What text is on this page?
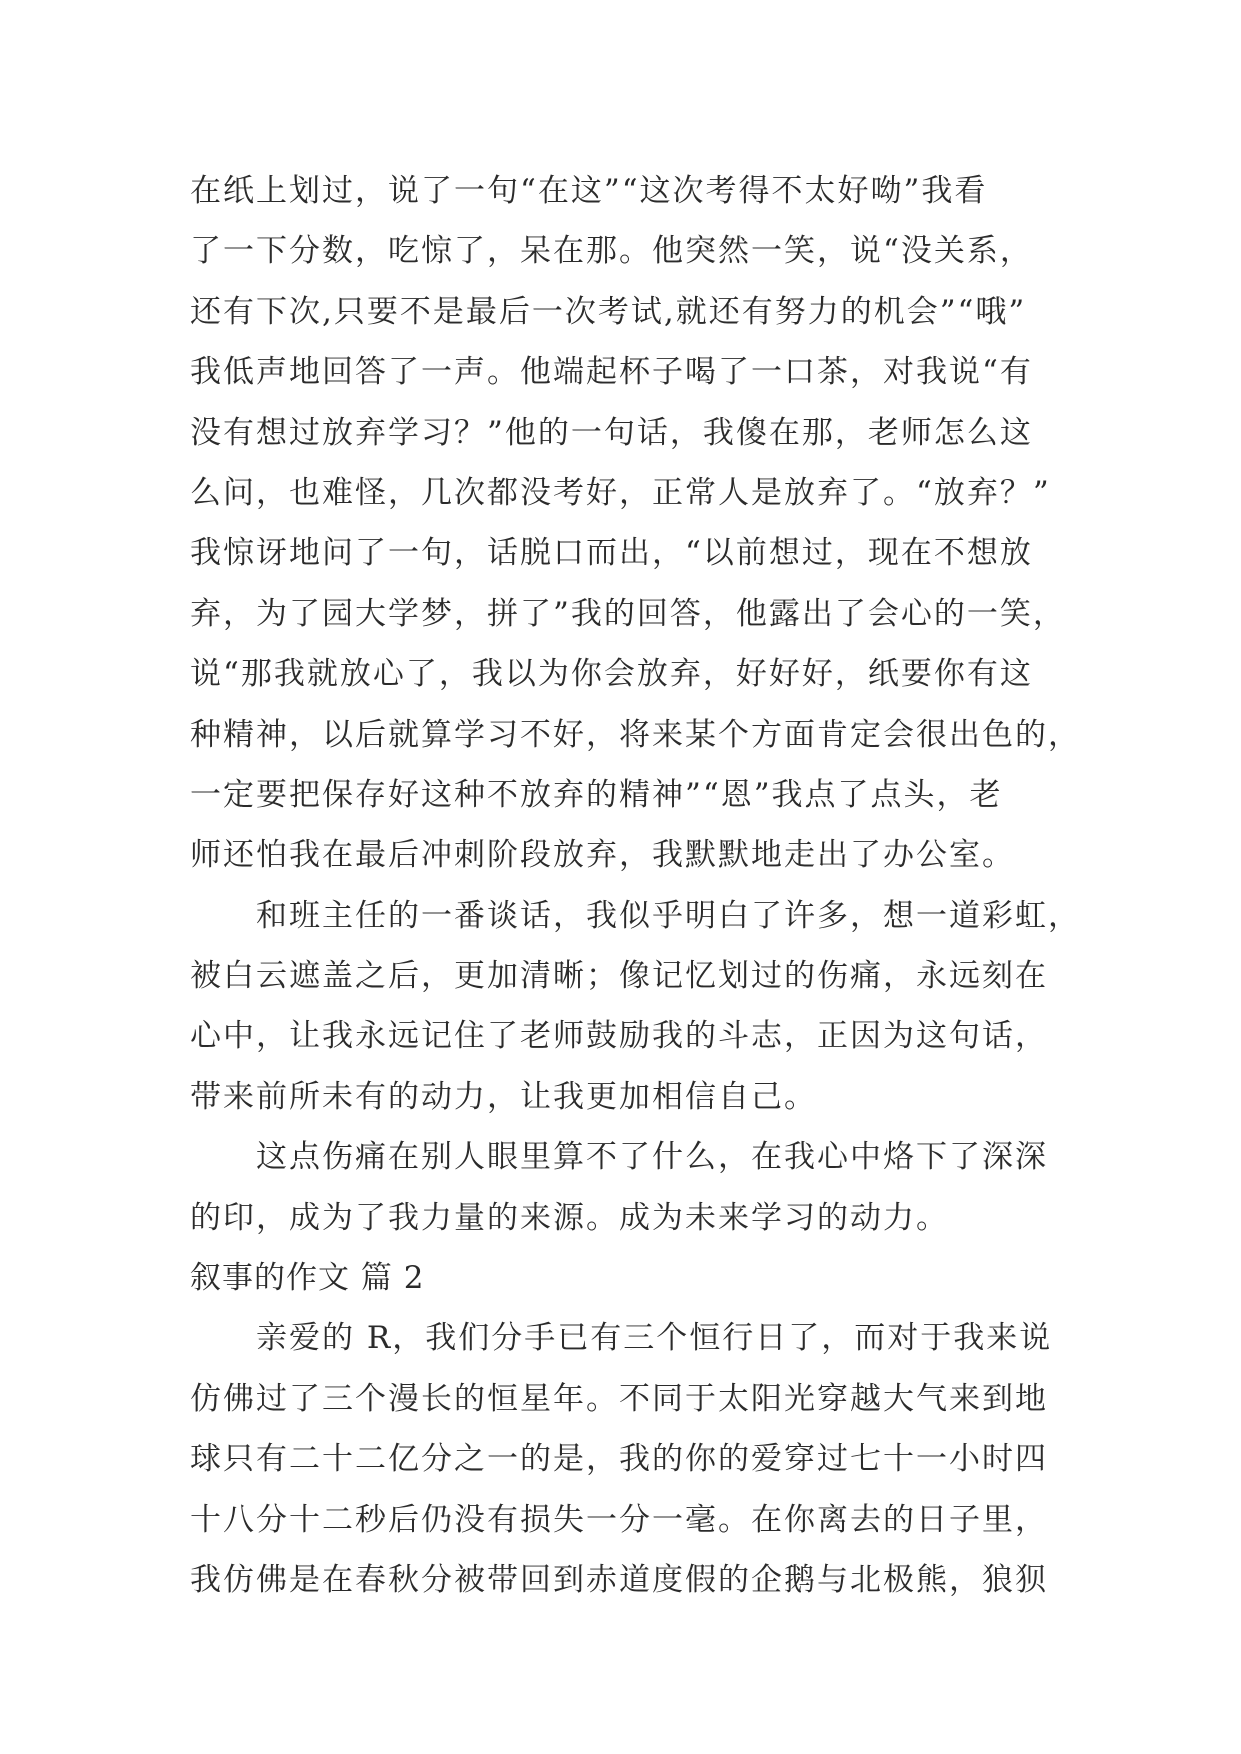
在纸上划过，说了一句“在这”“这次考得不太好呦”我看
了一下分数，吃惊了，呆在那。他突然一笑，说“没关系，
还有下次,只要不是最后一次考试,就还有努力的机会”“哦”
我低声地回答了一声。他端起杯子喝了一口茶，对我说“有
没有想过放弃学习？”他的一句话，我傻在那，老师怎么这
么问，也难怪，几次都没考好，正常人是放弃了。“放弃？”
我惊讶地问了一句，话脱口而出，“以前想过，现在不想放
弃，为了园大学梦，拼了”我的回答，他露出了会心的一笑，
说“那我就放心了，我以为你会放弃，好好好，纸要你有这
种精神，以后就算学习不好，将来某个方面肯定会很出色的，
一定要把保存好这种不放弃的精神”“恩”我点了点头，老
师还怕我在最后冲刺阶段放弃，我默默地走出了办公室。
和班主任的一番谈话，我似乎明白了许多，想一道彩虹，
被白云遮盖之后，更加清晰；像记忆划过的伤痛，永远刻在
心中，让我永远记住了老师鼓励我的斗志，正因为这句话，
带来前所未有的动力，让我更加相信自己。
这点伤痛在别人眼里算不了什么，在我心中烙下了深深
的印，成为了我力量的来源。成为未来学习的动力。
叙事的作文 篇 2
亲爱的 R，我们分手已有三个恒行日了，而对于我来说
仿佛过了三个漫长的恒星年。不同于太阳光穿越大气来到地
球只有二十二亿分之一的是，我的你的爱穿过七十一小时四
十八分十二秒后仍没有损失一分一毫。在你离去的日子里，
我仿佛是在春秋分被带回到赤道度假的企鹅与北极熊，狼狈
